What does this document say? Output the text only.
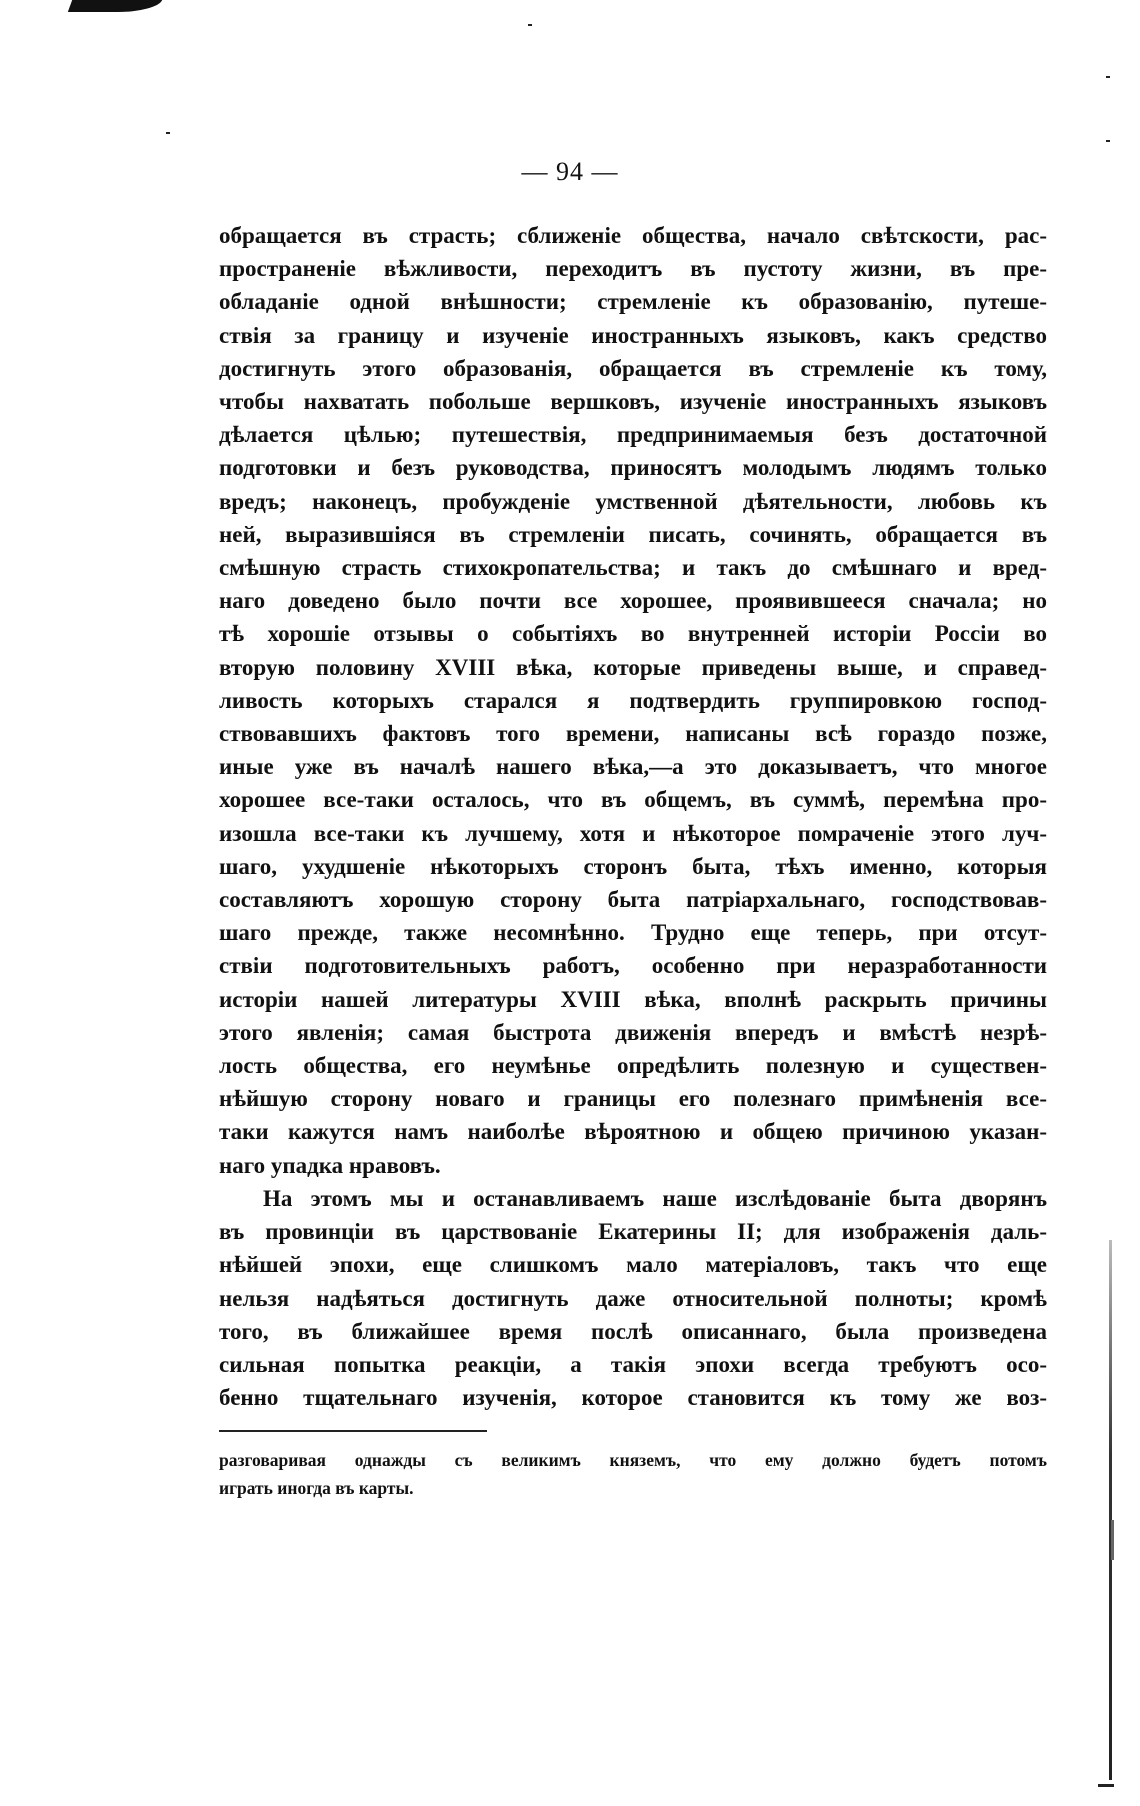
— 94 —
обращается въ страсть; сближеніе общества, начало свѣтскости, рас-
пространеніе вѣжливости, переходитъ въ пустоту жизни, въ пре-
обладаніе одной внѣшности; стремленіе къ образованію, путеше-
ствія за границу и изученіе иностранныхъ языковъ, какъ средство
достигнуть этого образованія, обращается въ стремленіе къ тому,
чтобы нахватать побольше вершковъ, изученіе иностранныхъ языковъ
дѣлается цѣлью; путешествія, предпринимаемыя безъ достаточной
подготовки и безъ руководства, приносятъ молодымъ людямъ только
вредъ; наконецъ, пробужденіе умственной дѣятельности, любовь къ
ней, выразившіяся въ стремленіи писать, сочинять, обращается въ
смѣшную страсть стихокропательства; и такъ до смѣшнаго и вред-
наго доведено было почти все хорошее, проявившееся сначала; но
тѣ хорошіе отзывы о событіяхъ во внутренней исторіи Россіи во
вторую половину XVIII вѣка, которые приведены выше, и справед-
ливость которыхъ старался я подтвердить группировкою господ-
ствовавшихъ фактовъ того времени, написаны всѣ гораздо позже,
иные уже въ началѣ нашего вѣка,—а это доказываетъ, что многое
хорошее все-таки осталось, что въ общемъ, въ суммѣ, перемѣна про-
изошла все-таки къ лучшему, хотя и нѣкоторое помраченіе этого луч-
шаго, ухудшеніе нѣкоторыхъ сторонъ быта, тѣхъ именно, которыя
составляютъ хорошую сторону быта патріархальнаго, господствовав-
шаго прежде, также несомнѣнно. Трудно еще теперь, при отсут-
ствіи подготовительныхъ работъ, особенно при неразработанности
исторіи нашей литературы XVIII вѣка, вполнѣ раскрыть причины
этого явленія; самая быстрота движенія впередъ и вмѣстѣ незрѣ-
лость общества, его неумѣнье опредѣлить полезную и существен-
нѣйшую сторону новаго и границы его полезнаго примѣненія все-
таки кажутся намъ наиболѣе вѣроятною и общею причиною указан-
наго упадка нравовъ.
На этомъ мы и останавливаемъ наше изслѣдованіе быта дворянъ
въ провинціи въ царствованіе Екатерины II; для изображенія даль-
нѣйшей эпохи, еще слишкомъ мало матеріаловъ, такъ что еще
нельзя надѣяться достигнуть даже относительной полноты; кромѣ
того, въ ближайшее время послѣ описаннаго, была произведена
сильная попытка реакціи, а такія эпохи всегда требуютъ осо-
бенно тщательнаго изученія, которое становится къ тому же воз-
разговаривая однажды съ великимъ княземъ, что ему должно будетъ потомъ
играть иногда въ карты.
